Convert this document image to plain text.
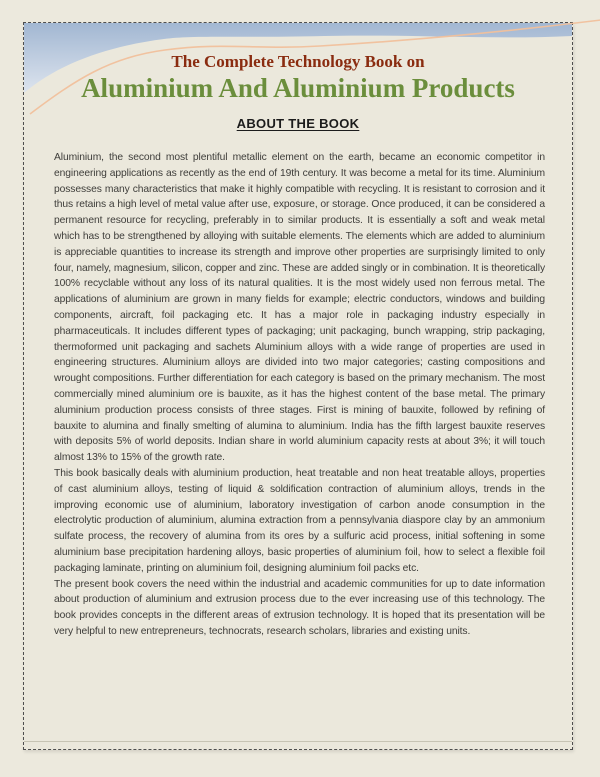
The Complete Technology Book on
Aluminium And Aluminium Products
ABOUT THE BOOK

Aluminium, the second most plentiful metallic element on the earth, became an economic competitor in engineering applications as recently as the end of 19th century. It was become a metal for its time. Aluminium possesses many characteristics that make it highly compatible with recycling. It is resistant to corrosion and it thus retains a high level of metal value after use, exposure, or storage. Once produced, it can be considered a permanent resource for recycling, preferably in to similar products. It is essentially a soft and weak metal which has to be strengthened by alloying with suitable elements. The elements which are added to aluminium is appreciable quantities to increase its strength and improve other properties are surprisingly limited to only four, namely, magnesium, silicon, copper and zinc. These are added singly or in combination. It is theoretically 100% recyclable without any loss of its natural qualities. It is the most widely used non ferrous metal. The applications of aluminium are grown in many fields for example; electric conductors, windows and building components, aircraft, foil packaging etc. It has a major role in packaging industry especially in pharmaceuticals. It includes different types of packaging; unit packaging, bunch wrapping, strip packaging, thermoformed unit packaging and sachets Aluminium alloys with a wide range of properties are used in engineering structures. Aluminium alloys are divided into two major categories; casting compositions and wrought compositions. Further differentiation for each category is based on the primary mechanism. The most commercially mined aluminium ore is bauxite, as it has the highest content of the base metal. The primary aluminium production process consists of three stages. First is mining of bauxite, followed by refining of bauxite to alumina and finally smelting of alumina to aluminium. India has the fifth largest bauxite reserves with deposits 5% of world deposits. Indian share in world aluminium capacity rests at about 3%; it will touch almost 13% to 15% of the growth rate.

This book basically deals with aluminium production, heat treatable and non heat treatable alloys, properties of cast aluminium alloys, testing of liquid & soldification contraction of aluminium alloys, trends in the improving economic use of aluminium, laboratory investigation of carbon anode consumption in the electrolytic production of aluminium, alumina extraction from a pennsylvania diaspore clay by an ammonium sulfate process, the recovery of alumina from its ores by a sulfuric acid process, initial softening in some aluminium base precipitation hardening alloys, basic properties of aluminium foil, how to select a flexible foil packaging laminate, printing on aluminium foil, designing aluminium foil packs etc.

The present book covers the need within the industrial and academic communities for up to date information about production of aluminium and extrusion process due to the ever increasing use of this technology. The book provides concepts in the different areas of extrusion technology. It is hoped that its presentation will be very helpful to new entrepreneurs, technocrats, research scholars, libraries and existing units.
